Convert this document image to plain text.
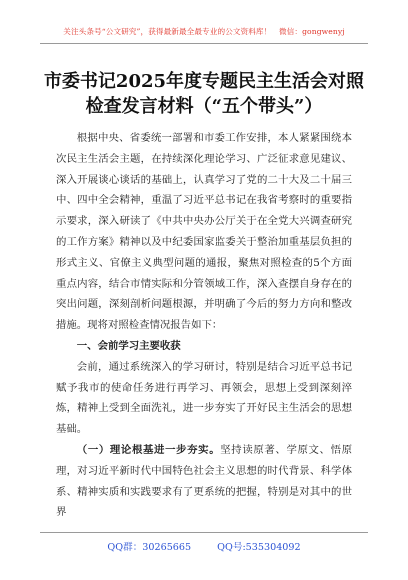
关注头条号“公文研究”，获得最新最全最专业的公文资料库！　微信：gongwenyj
市委书记2025年度专题民主生活会对照
检查发言材料（“五个带头”）

根据中央、省委统一部署和市委工作安排，本人紧紧围绕本次民主生活会主题，在持续深化理论学习、广泛征求意见建议、深入开展谈心谈话的基础上，认真学习了党的二十大及二十届三中、四中全会精神，重温了习近平总书记在我省考察时的重要指示要求，深入研读了《中共中央办公厅关于在全党大兴调查研究的工作方案》精神以及中纪委国家监委关于整治加重基层负担的形式主义、官僚主义典型问题的通报，聚焦对照检查的5个方面重点内容，结合市情实际和分管领域工作，深入查摆自身存在的突出问题，深刻剖析问题根源，并明确了今后的努力方向和整改措施。现将对照检查情况报告如下：

一、会前学习主要收获

会前，通过系统深入的学习研讨，特别是结合习近平总书记赋予我市的使命任务进行再学习、再领会，思想上受到深刻淬炼，精神上受到全面洗礼，进一步夯实了开好民主生活会的思想基础。

（一）理论根基进一步夯实。坚持读原著、学原文、悟原理，对习近平新时代中国特色社会主义思想的时代背景、科学体系、精神实质和实践要求有了更系统的把握，特别是对其中的世界

QQ群：30265665	QQ号:535304092
